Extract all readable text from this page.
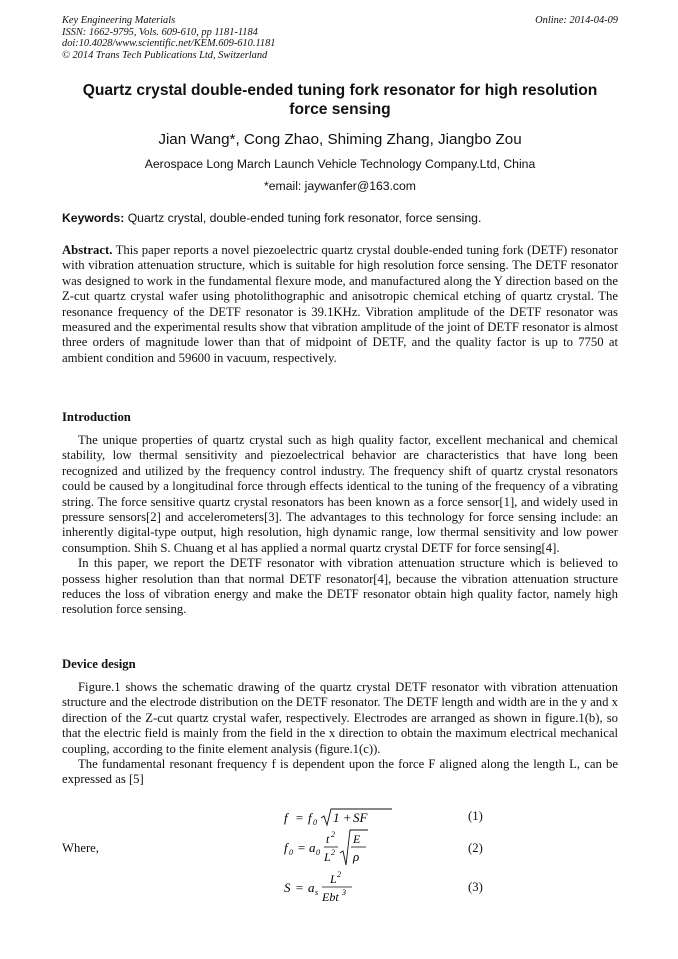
Key Engineering Materials
ISSN: 1662-9795, Vols. 609-610, pp 1181-1184
doi:10.4028/www.scientific.net/KEM.609-610.1181
© 2014 Trans Tech Publications Ltd, Switzerland
Online: 2014-04-09
Quartz crystal double-ended tuning fork resonator for high resolution
force sensing
Jian Wang*, Cong Zhao, Shiming Zhang, Jiangbo Zou
Aerospace Long March Launch Vehicle Technology Company.Ltd, China
*email: jaywanfer@163.com
Keywords: Quartz crystal, double-ended tuning fork resonator, force sensing.

Abstract. This paper reports a novel piezoelectric quartz crystal double-ended tuning fork (DETF) resonator with vibration attenuation structure, which is suitable for high resolution force sensing. The DETF resonator was designed to work in the fundamental flexure mode, and manufactured along the Y direction based on the Z-cut quartz crystal wafer using photolithographic and anisotropic chemical etching of quartz crystal. The resonance frequency of the DETF resonator is 39.1KHz. Vibration amplitude of the DETF resonator was measured and the experimental results show that vibration amplitude of the joint of DETF resonator is almost three orders of magnitude lower than that of midpoint of DETF, and the quality factor is up to 7750 at ambient condition and 59600 in vacuum, respectively.

Introduction

The unique properties of quartz crystal such as high quality factor, excellent mechanical and chemical stability, low thermal sensitivity and piezoelectrical behavior are characteristics that have long been recognized and utilized by the frequency control industry. The frequency shift of quartz crystal resonators could be caused by a longitudinal force through effects identical to the tuning of the frequency of a vibrating string. The force sensitive quartz crystal resonators has been known as a force sensor[1], and widely used in pressure sensors[2] and accelerometers[3]. The advantages to this technology for force sensing include: an inherently digital-type output, high resolution, high dynamic range, low thermal sensitivity and low power consumption. Shih S. Chuang et al has applied a normal quartz crystal DETF for force sensing[4].

In this paper, we report the DETF resonator with vibration attenuation structure which is believed to possess higher resolution than that normal DETF resonator[4], because the vibration attenuation structure reduces the loss of vibration energy and make the DETF resonator obtain high quality factor, namely high resolution force sensing.

Device design

Figure.1 shows the schematic drawing of the quartz crystal DETF resonator with vibration attenuation structure and the electrode distribution on the DETF resonator. The DETF length and width are in the y and x direction of the Z-cut quartz crystal wafer, respectively. Electrodes are arranged as shown in figure.1(b), so that the electric field is mainly from the field in the x direction to obtain the maximum electrical mechanical coupling, according to the finite element analysis (figure.1(c)).

The fundamental resonant frequency f is dependent upon the force F aligned along the length L, can be expressed as [5]

f = f 0 1 + SF	(1)
Where,	f 0 = a 0
t 2
L 2
E
ρ
(2)
S = a s
L 2
Ebt 3	(3)
